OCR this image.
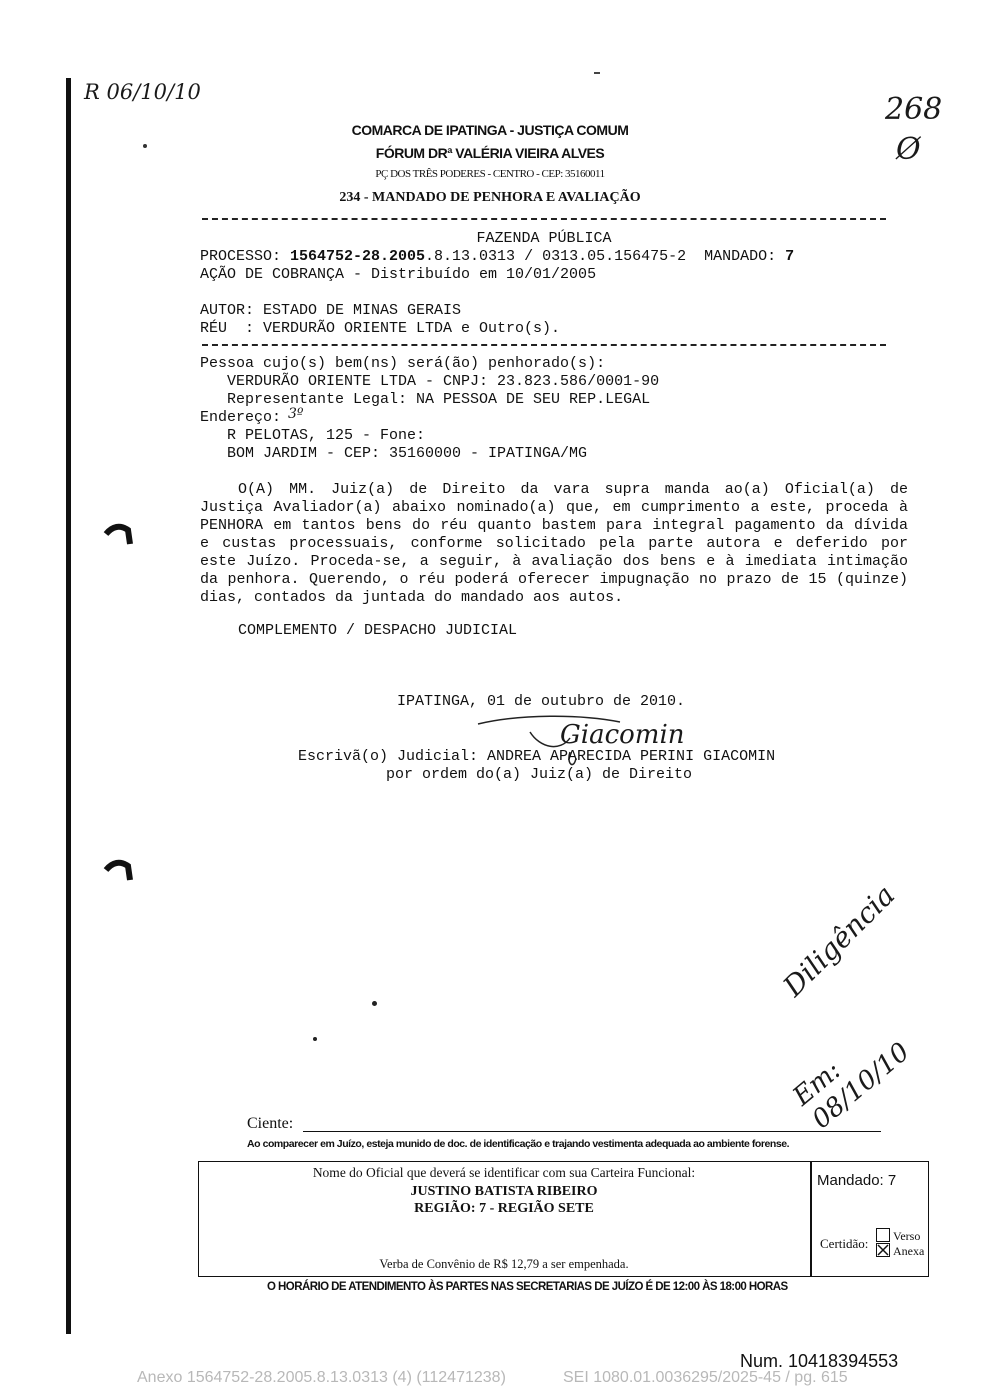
R 06/10/10	268
Ø
COMARCA DE IPATINGA - JUSTIÇA COMUM
FÓRUM DRª VALÉRIA VIEIRA ALVES
PÇ DOS TRÊS PODERES - CENTRO - CEP: 35160011
234 - MANDADO DE PENHORA E AVALIAÇÃO
FAZENDA PÚBLICA
PROCESSO: 1564752-28.2005.8.13.0313 / 0313.05.156475-2  MANDADO: 7
AÇÃO DE COBRANÇA - Distribuído em 10/01/2005
AUTOR: ESTADO DE MINAS GERAIS
RÉU  : VERDURÃO ORIENTE LTDA e Outro(s).
Pessoa cujo(s) bem(ns) será(ão) penhorado(s):
VERDURÃO ORIENTE LTDA - CNPJ: 23.823.586/0001-90
Representante Legal: NA PESSOA DE SEU REP.LEGAL
Endereço: 3º
R PELOTAS, 125 - Fone:
BOM JARDIM - CEP: 35160000 - IPATINGA/MG
O(A) MM. Juiz(a) de Direito da vara supra manda ao(a) Oficial(a) de Justiça Avaliador(a) abaixo nominado(a) que, em cumprimento a este, proceda à PENHORA em tantos bens do réu quanto bastem para integral pagamento da dívida e custas processuais, conforme solicitado pela parte autora e deferido por este Juízo. Proceda-se, a seguir, à avaliação dos bens e à imediata intimação da penhora. Querendo, o réu poderá oferecer impugnação no prazo de 15 (quinze) dias, contados da juntada do mandado aos autos.
COMPLEMENTO / DESPACHO JUDICIAL
IPATINGA, 01 de outubro de 2010.
Giacomin
Escrivã(o) Judicial: ANDREA APARECIDA PERINI GIACOMIN
por ordem do(a) Juiz(a) de Direito
Diligência
Em: 08/10/10
Ciente:
Ao comparecer em Juízo, esteja munido de doc. de identificação e trajando vestimenta adequada ao ambiente forense.
Nome do Oficial que deverá se identificar com sua Carteira Funcional:
JUSTINO BATISTA RIBEIRO
REGIÃO: 7 - REGIÃO SETE
Verba de Convênio de R$ 12,79 a ser empenhada.
Mandado: 7
Certidão: Verso
Anexa
O HORÁRIO DE ATENDIMENTO ÀS PARTES NAS SECRETARIAS DE JUÍZO É DE 12:00 ÀS 18:00 HORAS
Num. 10418394553
Anexo 1564752-28.2005.8.13.0313 (4) (112471238)	SEI 1080.01.0036295/2025-45 / pg. 615
